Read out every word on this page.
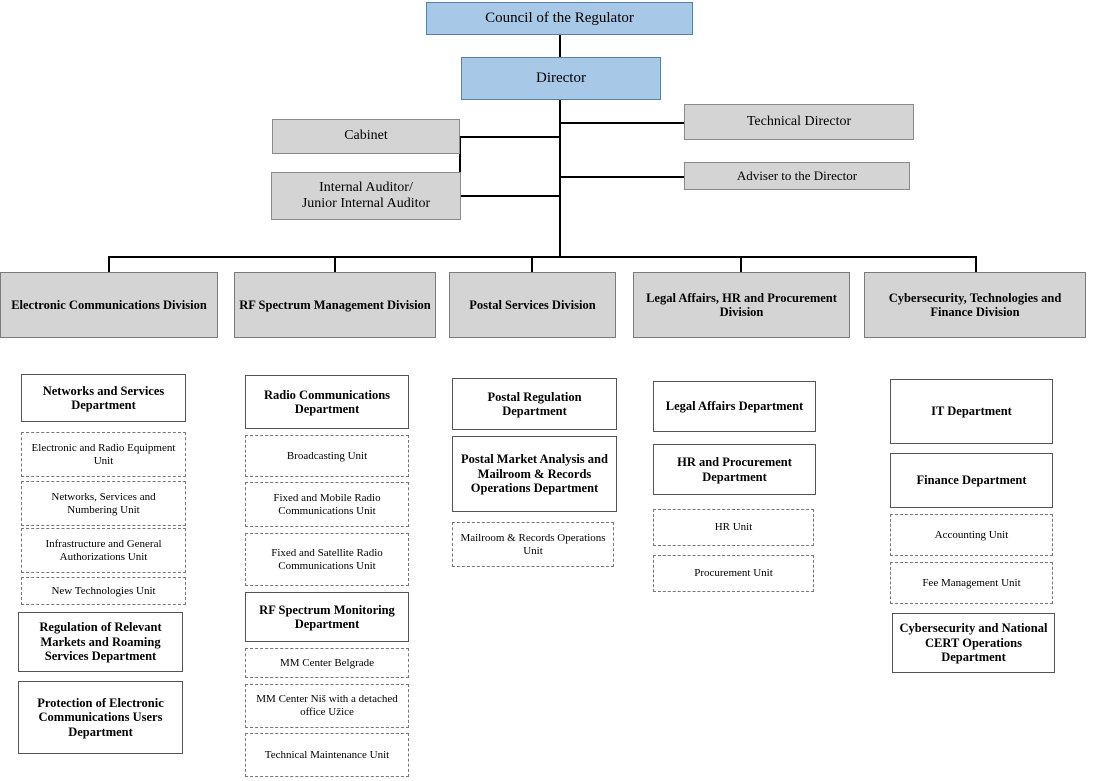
Council of the Regulator
Director
Cabinet
Internal Auditor/
Junior Internal Auditor
Technical Director
Adviser to the Director
Electronic Communications Division	RF Spectrum Management Division	Postal Services Division
Legal Affairs, HR and Procurement Division
Cybersecurity, Technologies and Finance Division
Networks and Services Department
Electronic and Radio Equipment Unit
Networks, Services and Numbering Unit
Infrastructure and General Authorizations Unit
New Technologies Unit
Regulation of Relevant Markets and Roaming Services Department
Protection of Electronic Communications Users Department
Radio Communications Department
Broadcasting Unit
Fixed and Mobile Radio Communications Unit
Fixed and Satellite Radio Communications Unit
RF Spectrum Monitoring Department
MM Center Belgrade
MM Center Niš with a detached office Užice
Technical Maintenance Unit
Postal Regulation Department
Postal Market Analysis and Mailroom & Records Operations Department
Mailroom & Records Operations Unit
Legal Affairs Department
HR and Procurement Department
HR Unit
Procurement Unit
IT Department
Finance Department
Accounting Unit
Fee Management Unit
Cybersecurity and National CERT Operations Department
